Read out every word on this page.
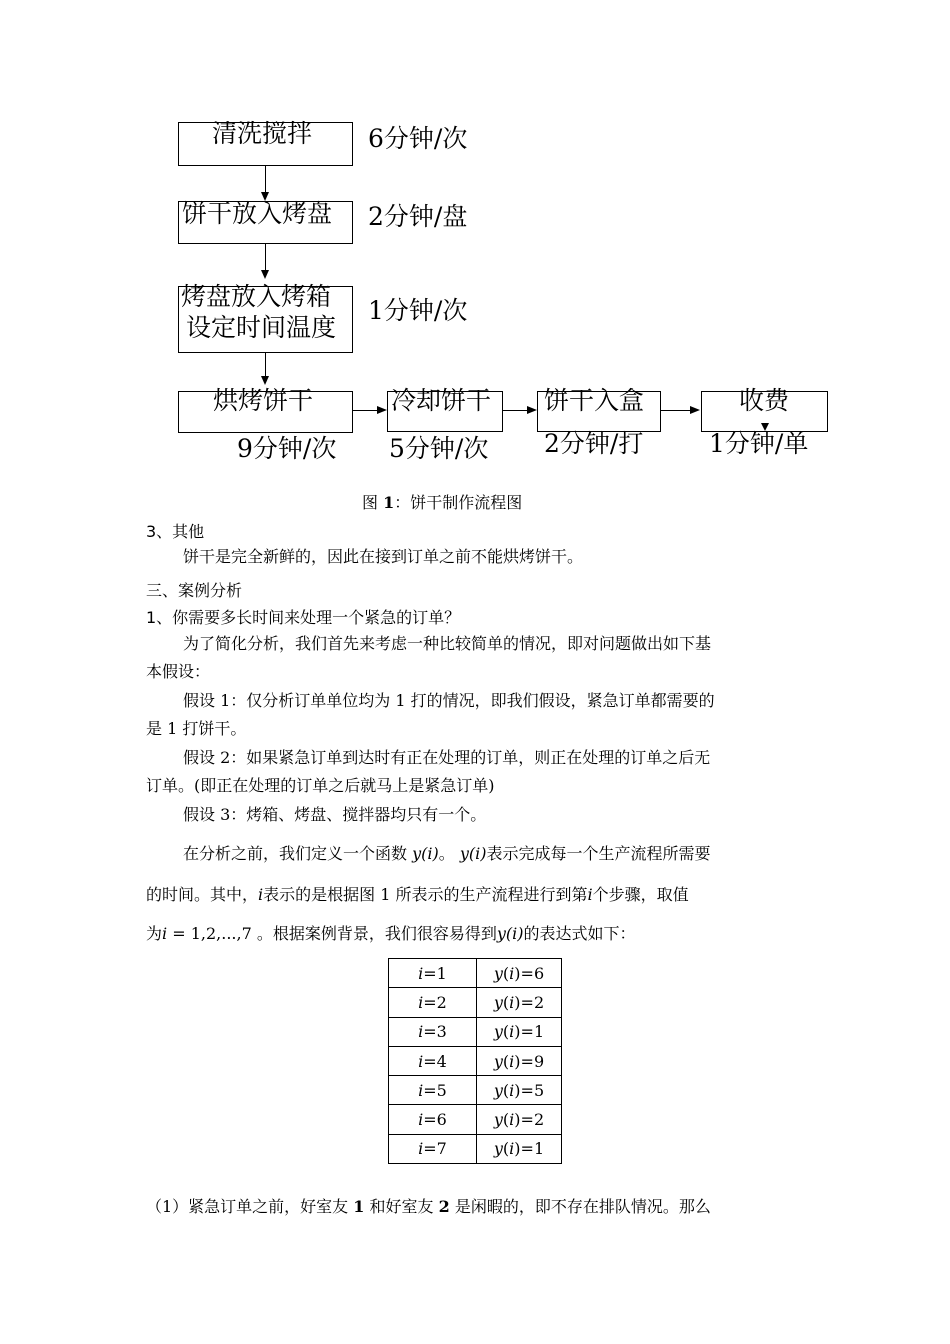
清洗搅拌 6分钟/次
饼干放入烤盘 2分钟/盘
烤盘放入烤箱
设定时间温度
1分钟/次
烘烤饼干
9分钟/次
冷却饼干
5分钟/次
饼干入盒
2分钟/打
收费
1分钟/单
图 1：饼干制作流程图
3、其他
饼干是完全新鲜的，因此在接到订单之前不能烘烤饼干。
三、案例分析
1、你需要多长时间来处理一个紧急的订单？
为了简化分析，我们首先来考虑一种比较简单的情况，即对问题做出如下基
本假设：
假设 1：仅分析订单单位均为 1 打的情况，即我们假设，紧急订单都需要的
是 1 打饼干。
假设 2：如果紧急订单到达时有正在处理的订单，则正在处理的订单之后无
订单。(即正在处理的订单之后就马上是紧急订单)
假设 3：烤箱、烤盘、搅拌器均只有一个。
在分析之前，我们定义一个函数 y(i)。 y(i)表示完成每一个生产流程所需要
的时间。其中，i表示的是根据图 1 所表示的生产流程进行到第i个步骤，取值
为i = 1,2,...,7 。根据案例背景，我们很容易得到y(i)的表达式如下：
i=1	y(i)=6
i=2	y(i)=2
i=3	y(i)=1
i=4	y(i)=9
i=5	y(i)=5
i=6	y(i)=2
i=7	y(i)=1
（1）紧急订单之前，好室友 1 和好室友 2 是闲暇的，即不存在排队情况。那么
